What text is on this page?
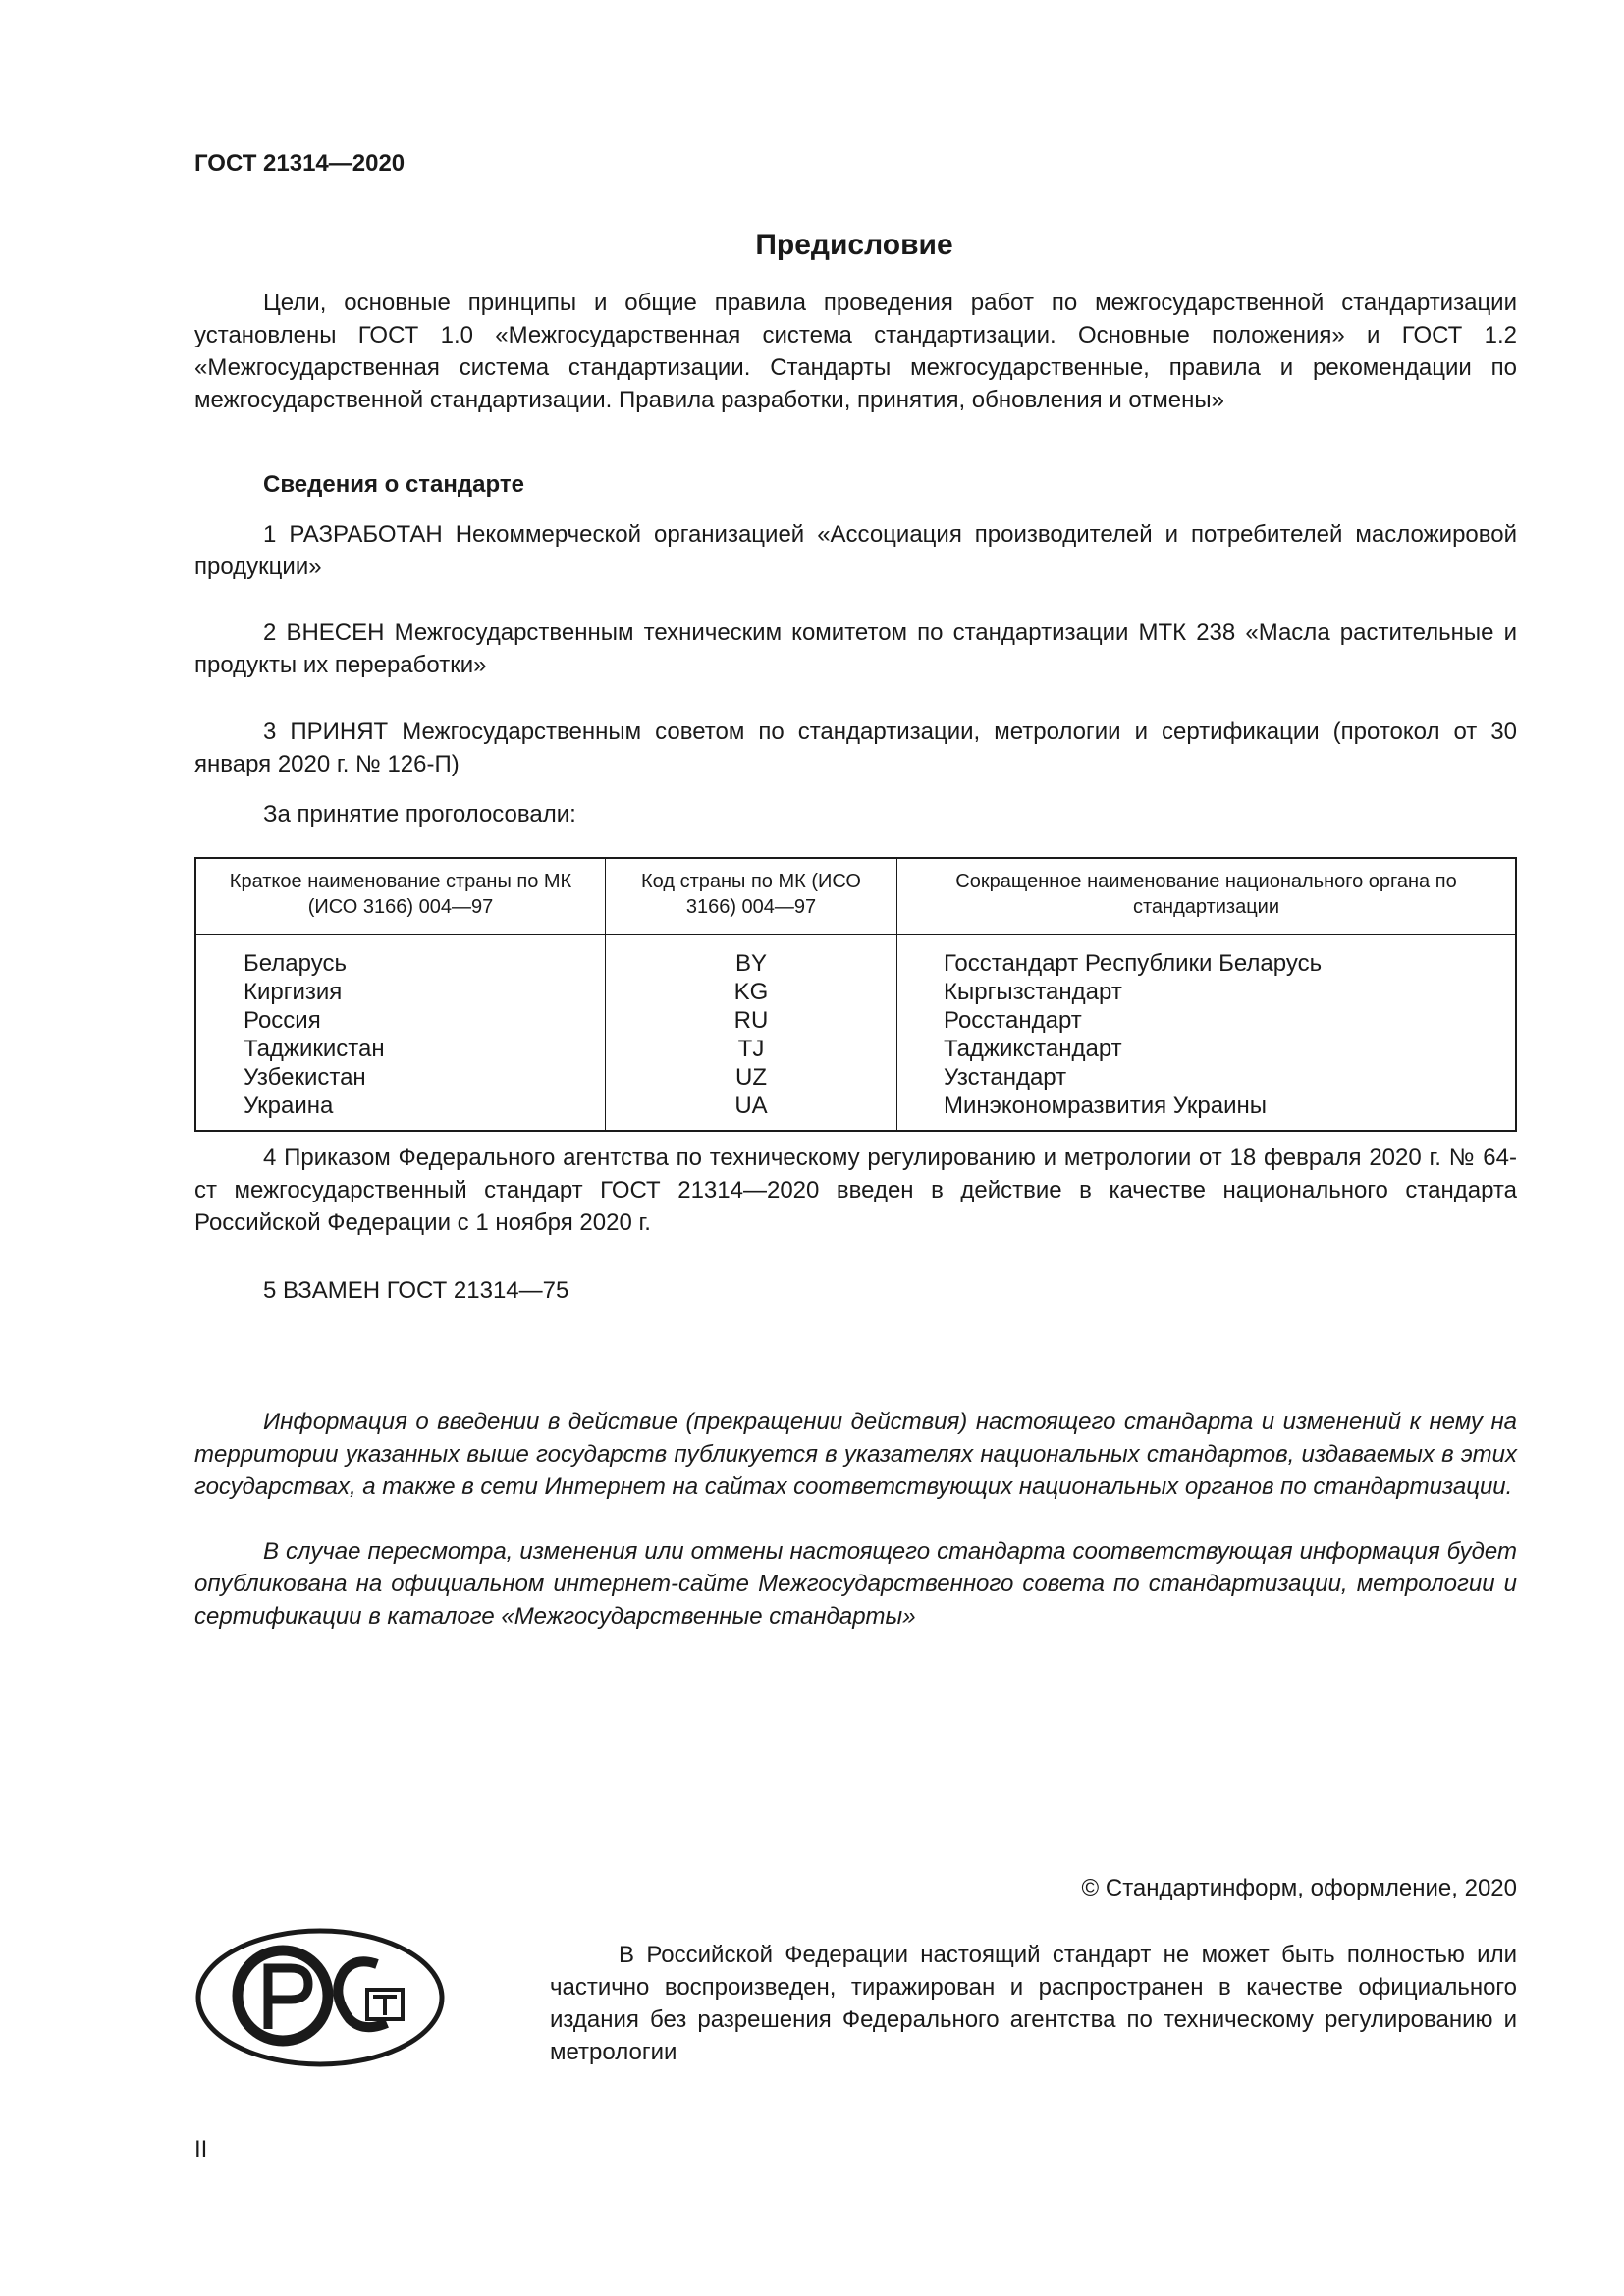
ГОСТ 21314—2020

Предисловие

Цели, основные принципы и общие правила проведения работ по межгосударственной стандартизации установлены ГОСТ 1.0 «Межгосударственная система стандартизации. Основные положения» и ГОСТ 1.2 «Межгосударственная система стандартизации. Стандарты межгосударственные, правила и рекомендации по межгосударственной стандартизации. Правила разработки, принятия, обновления и отмены»

Сведения о стандарте

1 РАЗРАБОТАН Некоммерческой организацией «Ассоциация производителей и потребителей масложировой продукции»

2 ВНЕСЕН Межгосударственным техническим комитетом по стандартизации МТК 238 «Масла растительные и продукты их переработки»

3 ПРИНЯТ Межгосударственным советом по стандартизации, метрологии и сертификации (протокол от 30 января 2020 г. № 126-П)

За принятие проголосовали:

Краткое наименование страны по МК (ИСО 3166) 004—97	Код страны по МК (ИСО 3166) 004—97	Сокращенное наименование национального органа по стандартизации
Беларусь	BY	Госстандарт Республики Беларусь
Киргизия	KG	Кыргызстандарт
Россия	RU	Росстандарт
Таджикистан	TJ	Таджикстандарт
Узбекистан	UZ	Узстандарт
Украина	UA	Минэкономразвития Украины

4 Приказом Федерального агентства по техническому регулированию и метрологии от 18 февраля 2020 г. № 64-ст межгосударственный стандарт ГОСТ 21314—2020 введен в действие в качестве национального стандарта Российской Федерации с 1 ноября 2020 г.

5 ВЗАМЕН ГОСТ 21314—75

Информация о введении в действие (прекращении действия) настоящего стандарта и изменений к нему на территории указанных выше государств публикуется в указателях национальных стандартов, издаваемых в этих государствах, а также в сети Интернет на сайтах соответствующих национальных органов по стандартизации.

В случае пересмотра, изменения или отмены настоящего стандарта соответствующая информация будет опубликована на официальном интернет-сайте Межгосударственного совета по стандартизации, метрологии и сертификации в каталоге «Межгосударственные стандарты»

© Стандартинформ, оформление, 2020

В Российской Федерации настоящий стандарт не может быть полностью или частично воспроизведен, тиражирован и распространен в качестве официального издания без разрешения Федерального агентства по техническому регулированию и метрологии

II
